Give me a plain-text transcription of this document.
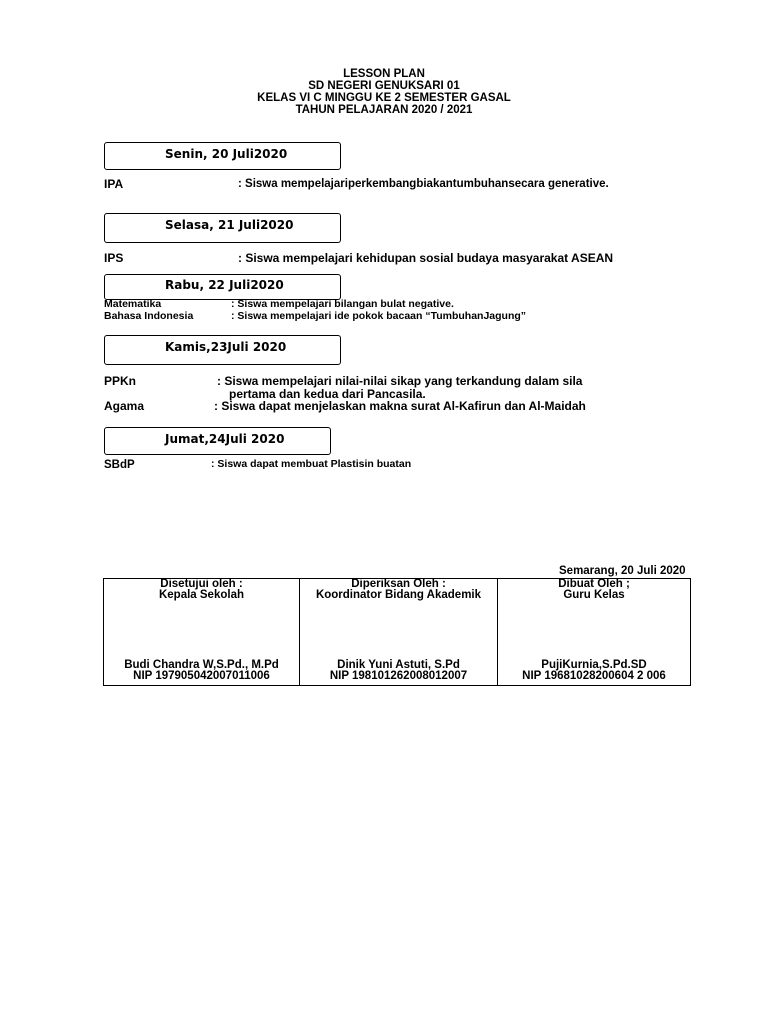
LESSON PLAN
SD NEGERI GENUKSARI 01
KELAS VI C MINGGU KE 2 SEMESTER GASAL
TAHUN PELAJARAN 2020 / 2021
Senin, 20 Juli2020
IPA	: Siswa mempelajariperkembangbiakantumbuhansecara generative.
Selasa, 21 Juli2020
IPS	: Siswa mempelajari kehidupan sosial budaya masyarakat ASEAN
Rabu, 22 Juli2020
Matematika	: Siswa mempelajari bilangan bulat negative.
Bahasa Indonesia	: Siswa mempelajari ide pokok bacaan “TumbuhanJagung”
Kamis,23Juli 2020
PPKn	: Siswa mempelajari nilai-nilai sikap yang terkandung dalam sila
pertama dan kedua dari Pancasila.
Agama	: Siswa dapat menjelaskan makna surat Al-Kafirun dan Al-Maidah
Jumat,24Juli 2020
SBdP	: Siswa dapat membuat Plastisin buatan
Semarang, 20 Juli 2020
Disetujui oleh :
Kepala Sekolah
Budi Chandra W,S.Pd., M.Pd
NIP 197905042007011006

Diperiksan Oleh :
Koordinator Bidang Akademik
Dinik Yuni Astuti, S.Pd
NIP 198101262008012007

Dibuat Oleh ;
Guru Kelas
PujiKurnia,S.Pd.SD
NIP 19681028200604 2 006
